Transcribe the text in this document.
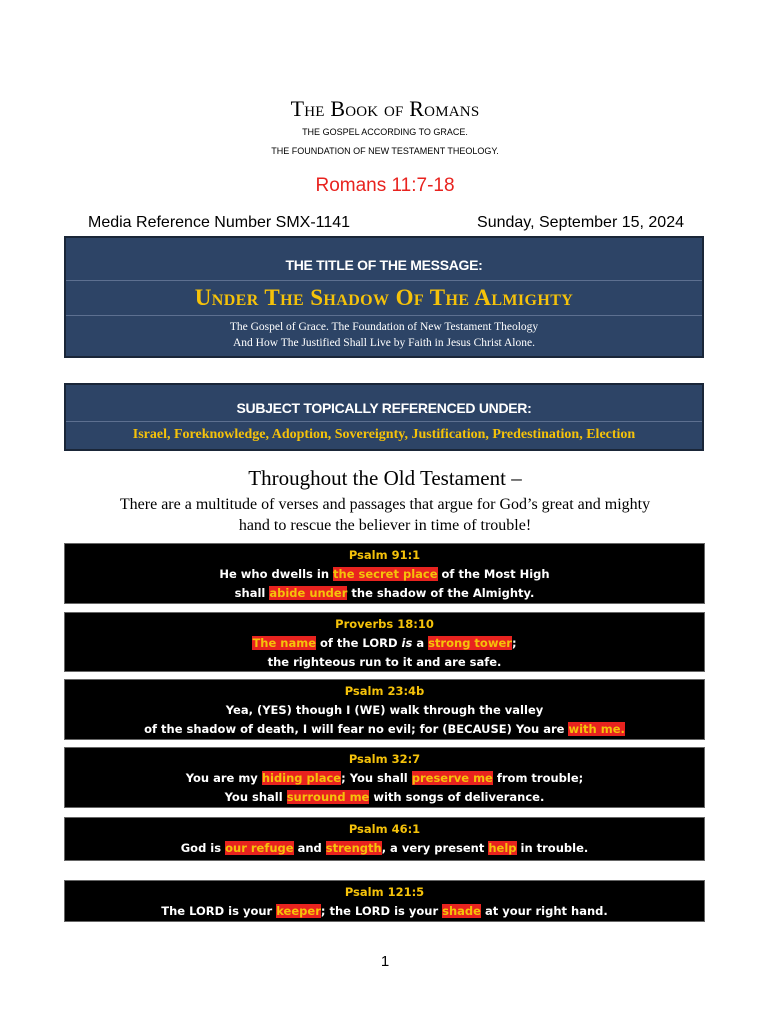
The Book of Romans
THE GOSPEL ACCORDING TO GRACE.
THE FOUNDATION OF NEW TESTAMENT THEOLOGY.
Romans 11:7-18
Media Reference Number SMX-1141	Sunday, September 15, 2024
THE TITLE OF THE MESSAGE:
Under The Shadow Of The Almighty
The Gospel of Grace. The Foundation of New Testament Theology
And How The Justified Shall Live by Faith in Jesus Christ Alone.
SUBJECT TOPICALLY REFERENCED UNDER:
Israel, Foreknowledge, Adoption, Sovereignty, Justification, Predestination, Election
Throughout the Old Testament –
There are a multitude of verses and passages that argue for God’s great and mighty
hand to rescue the believer in time of trouble!
Psalm 91:1
He who dwells in the secret place of the Most High
shall abide under the shadow of the Almighty.
Proverbs 18:10
The name of the LORD is a strong tower;
the righteous run to it and are safe.
Psalm 23:4b
Yea, (YES) though I (WE) walk through the valley
of the shadow of death, I will fear no evil; for (BECAUSE) You are with me.
Psalm 32:7
You are my hiding place; You shall preserve me from trouble;
You shall surround me with songs of deliverance.
Psalm 46:1
God is our refuge and strength, a very present help in trouble.
Psalm 121:5
The LORD is your keeper; the LORD is your shade at your right hand.
1
